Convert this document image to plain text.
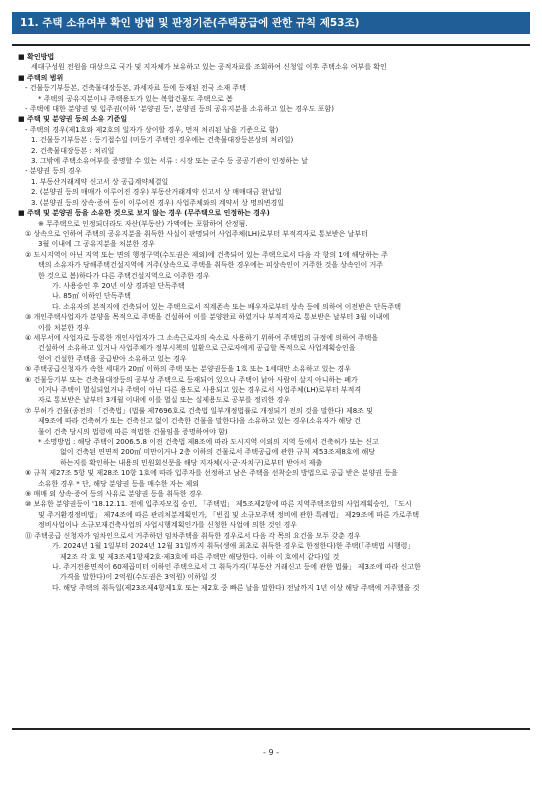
11. 주택 소유여부 확인 방법 및 판정기준(주택공급에 관한 규칙 제53조)
■ 확인방법
세대구성원 전원을 대상으로 국가 및 지자체가 보유하고 있는 공적자료를 조회하여 신청일 이후 주택소유 여부를 확인
■ 주택의 범위
- 건물등기부등본, 건축물대장등본, 과세자료 등에 등재된 전국 소재 주택
* 주택의 공유지분이나 주택용도가 있는 복합건물도 주택으로 봄
- 주택에 대한 분양권 및 입주권(이하 '분양권 등', 분양권 등의 공유지분을 소유하고 있는 경우도 포함)
■ 주택 및 분양권 등의 소유 기준일
- 주택의 경우(제1호와 제2호의 일자가 상이할 경우, 먼저 처리된 날을 기준으로 함)
1. 건물등기부등본 : 등기접수일 (미등기 주택인 경우에는 건축물대장등본상의 처리일)
2. 건축물대장등본 : 처리일
3. 그밖에 주택소유여부를 증명할 수 있는 서류 : 시장 또는 군수 등 공공기관이 인정하는 날
- 분양권 등의 경우
1. 부동산거래계약 신고서 상 공급계약체결일
2. (분양권 등의 매매가 이루어진 경우) 부동산거래계약 신고서 상 매매대금 완납일
3. (분양권 등의 상속·증여 등이 이루어진 경우) 사업주체와의 계약서 상 명의변경일
■ 주택 및 분양권 등을 소유한 것으로 보지 않는 경우 (무주택으로 인정하는 경우)
※ 무주택으로 인정되더라도 자산(부동산) 가액에는 포함하여 산정됨.
① 상속으로 인하여 주택의 공유지분을 취득한 사실이 판명되어 사업주체(LH)로부터 부적격자로 통보받은 날부터
3월 이내에 그 공유지분을 처분한 경우
② 도시지역이 아닌 지역 또는 면의 행정구역(수도권은 제외)에 건축되어 있는 주택으로서 다음 각 항의 1에 해당하는 주
택의 소유자가 당해주택건설지역에 거주(상속으로 주택을 취득한 경우에는 피상속인이 거주한 것을 상속인이 거주
한 것으로 봄)하다가 다른 주택건설지역으로 이주한 경우
가. 사용승인 후 20년 이상 경과된 단독주택
나. 85㎡ 이하인 단독주택
다. 소유자의 본적지에 건축되어 있는 주택으로서 직계존속 또는 배우자로부터 상속 등에 의하여 이전받은 단독주택
③ 개인주택사업자가 분양을 목적으로 주택을 건설하여 이를 분양완료 하였거나 부적격자로 통보받은 날부터 3월 이내에
이를 처분한 경우
④ 세무서에 사업자로 등록한 개인사업자가 그 소속근로자의 숙소로 사용하기 위하여 주택법의 규정에 의하여 주택을
건설하여 소유하고 있거나 사업주체가 정부시책의 일환으로 근로자에게 공급할 목적으로 사업계획승인을
얻어 건설한 주택을 공급받아 소유하고 있는 경우
⑤ 주택공급신청자가 속한 세대가 20㎡ 이하의 주택 또는 분양권등을 1호 또는 1세대만 소유하고 있는 경우
⑥ 건물등기부 또는 건축물대장등의 공부상 주택으로 등재되어 있으나 주택이 낡아 사람이 살지 아니하는 폐가
이거나 주택이 멸실되었거나 주택이 아닌 다른 용도로 사용되고 있는 경우로서 사업주체(LH)로부터 부적격
자로 통보받은 날부터 3개월 이내에 이를 멸실 또는 실제용도로 공부를 정리한 경우
⑦ 무허가 건물(종전의 「건축법」(법률 제7696호로 건축법 일부개정법률로 개정되기 전의 것을 말한다) 제8조 및
제9조에 따라 건축허가 또는 건축신고 없이 건축한 건물을 말한다)을 소유하고 있는 경우(소유자가 해당 건
물이 건축 당시의 법령에 따른 적법한 건물임을 증명하여야 함)
* 소명방법 : 해당 주택이 2006.5.8 이전 건축법 제8조에 따라 도시지역 이외의 지역 등에서 건축허가 또는 신고
없이 건축된 연면적 200㎡ 미만이거나 2층 이하의 건물로서 주택공급에 관한 규칙 제53조제8호에 해당
하는지를 확인하는 내용의 민원회신문을 해당 지자체(시·군·자치구)로부터 받아서 제출
⑧ 규칙 제27조 5항 및 제28조 10항 1호에 따라 입주자를 선정하고 남은 주택을 선착순의 방법으로 공급 받은 분양권 등을
소유한 경우 * 단, 해당 분양권 등을 매수한 자는 제외
⑨ 매매 외 상속·증여 등의 사유로 분양권 등을 취득한 경우
⑩ 보유한 분양권등이 '18.12.11. 전에 입주자모집 승인, 「주택법」 제5조제2항에 따른 지역주택조합의 사업계획승인, 「도시
및 주거환경정비법」 제74조에 따른 관리처분계획인가, 「빈집 및 소규모주택 정비에 관한 특례법」 제29조에 따른 가로주택
정비사업이나 소규모재건축사업의 사업시행계획인가를 신청한 사업에 의한 것인 경우
⑪ 주택공급 신청자가 임차인으로서 거주하던 임차주택을 취득한 경우로서 다음 각 목의 요건을 모두 갖춘 경우
가. 2024년 1월 1일부터 2024년 12월 31일까지 취득(생애 최초로 취득한 경우로 한정한다)한 주택(「주택법 시행령」
제2조 각 호 및 제3조제1항제2호·제3호에 따른 주택만 해당한다. 이하 이 호에서 같다)일 것
나. 주거전용면적이 60제곱미터 이하인 주택으로서 그 취득가격(「부동산 거래신고 등에 관한 법률」 제3조에 따라 신고한
가격을 말한다)이 2억원(수도권은 3억원) 이하일 것
다. 해당 주택의 취득일(제23조제4항제1호 또는 제2호 중 빠른 날을 말한다) 전날까지 1년 이상 해당 주택에 거주했을 것
- 9 -
